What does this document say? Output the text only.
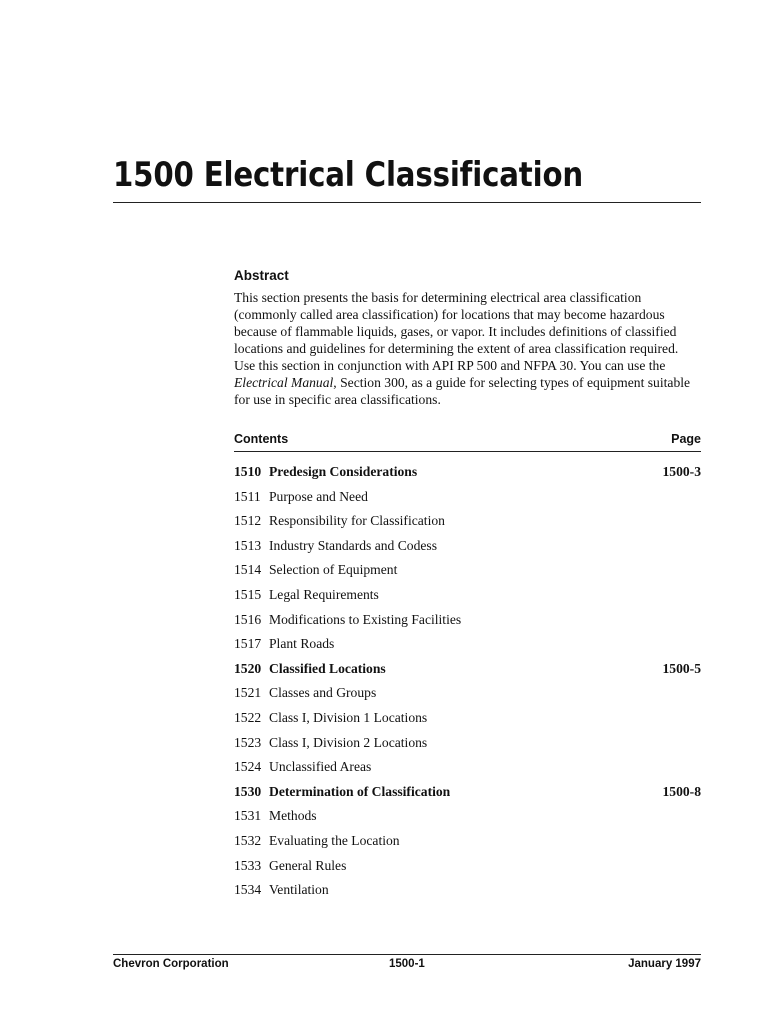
1500 Electrical Classification
Abstract

This section presents the basis for determining electrical area classification
(commonly called area classification) for locations that may become hazardous
because of flammable liquids, gases, or vapor. It includes definitions of classified
locations and guidelines for determining the extent of area classification required.
Use this section in conjunction with API RP 500 and NFPA 30. You can use the
Electrical Manual, Section 300, as a guide for selecting types of equipment suitable
for use in specific area classifications.

Contents	Page
1510 Predesign Considerations	1500-3
1511 Purpose and Need
1512 Responsibility for Classification
1513 Industry Standards and Codess
1514 Selection of Equipment
1515 Legal Requirements
1516 Modifications to Existing Facilities
1517 Plant Roads
1520 Classified Locations	1500-5
1521 Classes and Groups
1522 Class I, Division 1 Locations
1523 Class I, Division 2 Locations
1524 Unclassified Areas
1530 Determination of Classification	1500-8
1531 Methods
1532 Evaluating the Location
1533 General Rules
1534 Ventilation
Chevron Corporation	1500-1	January 1997
